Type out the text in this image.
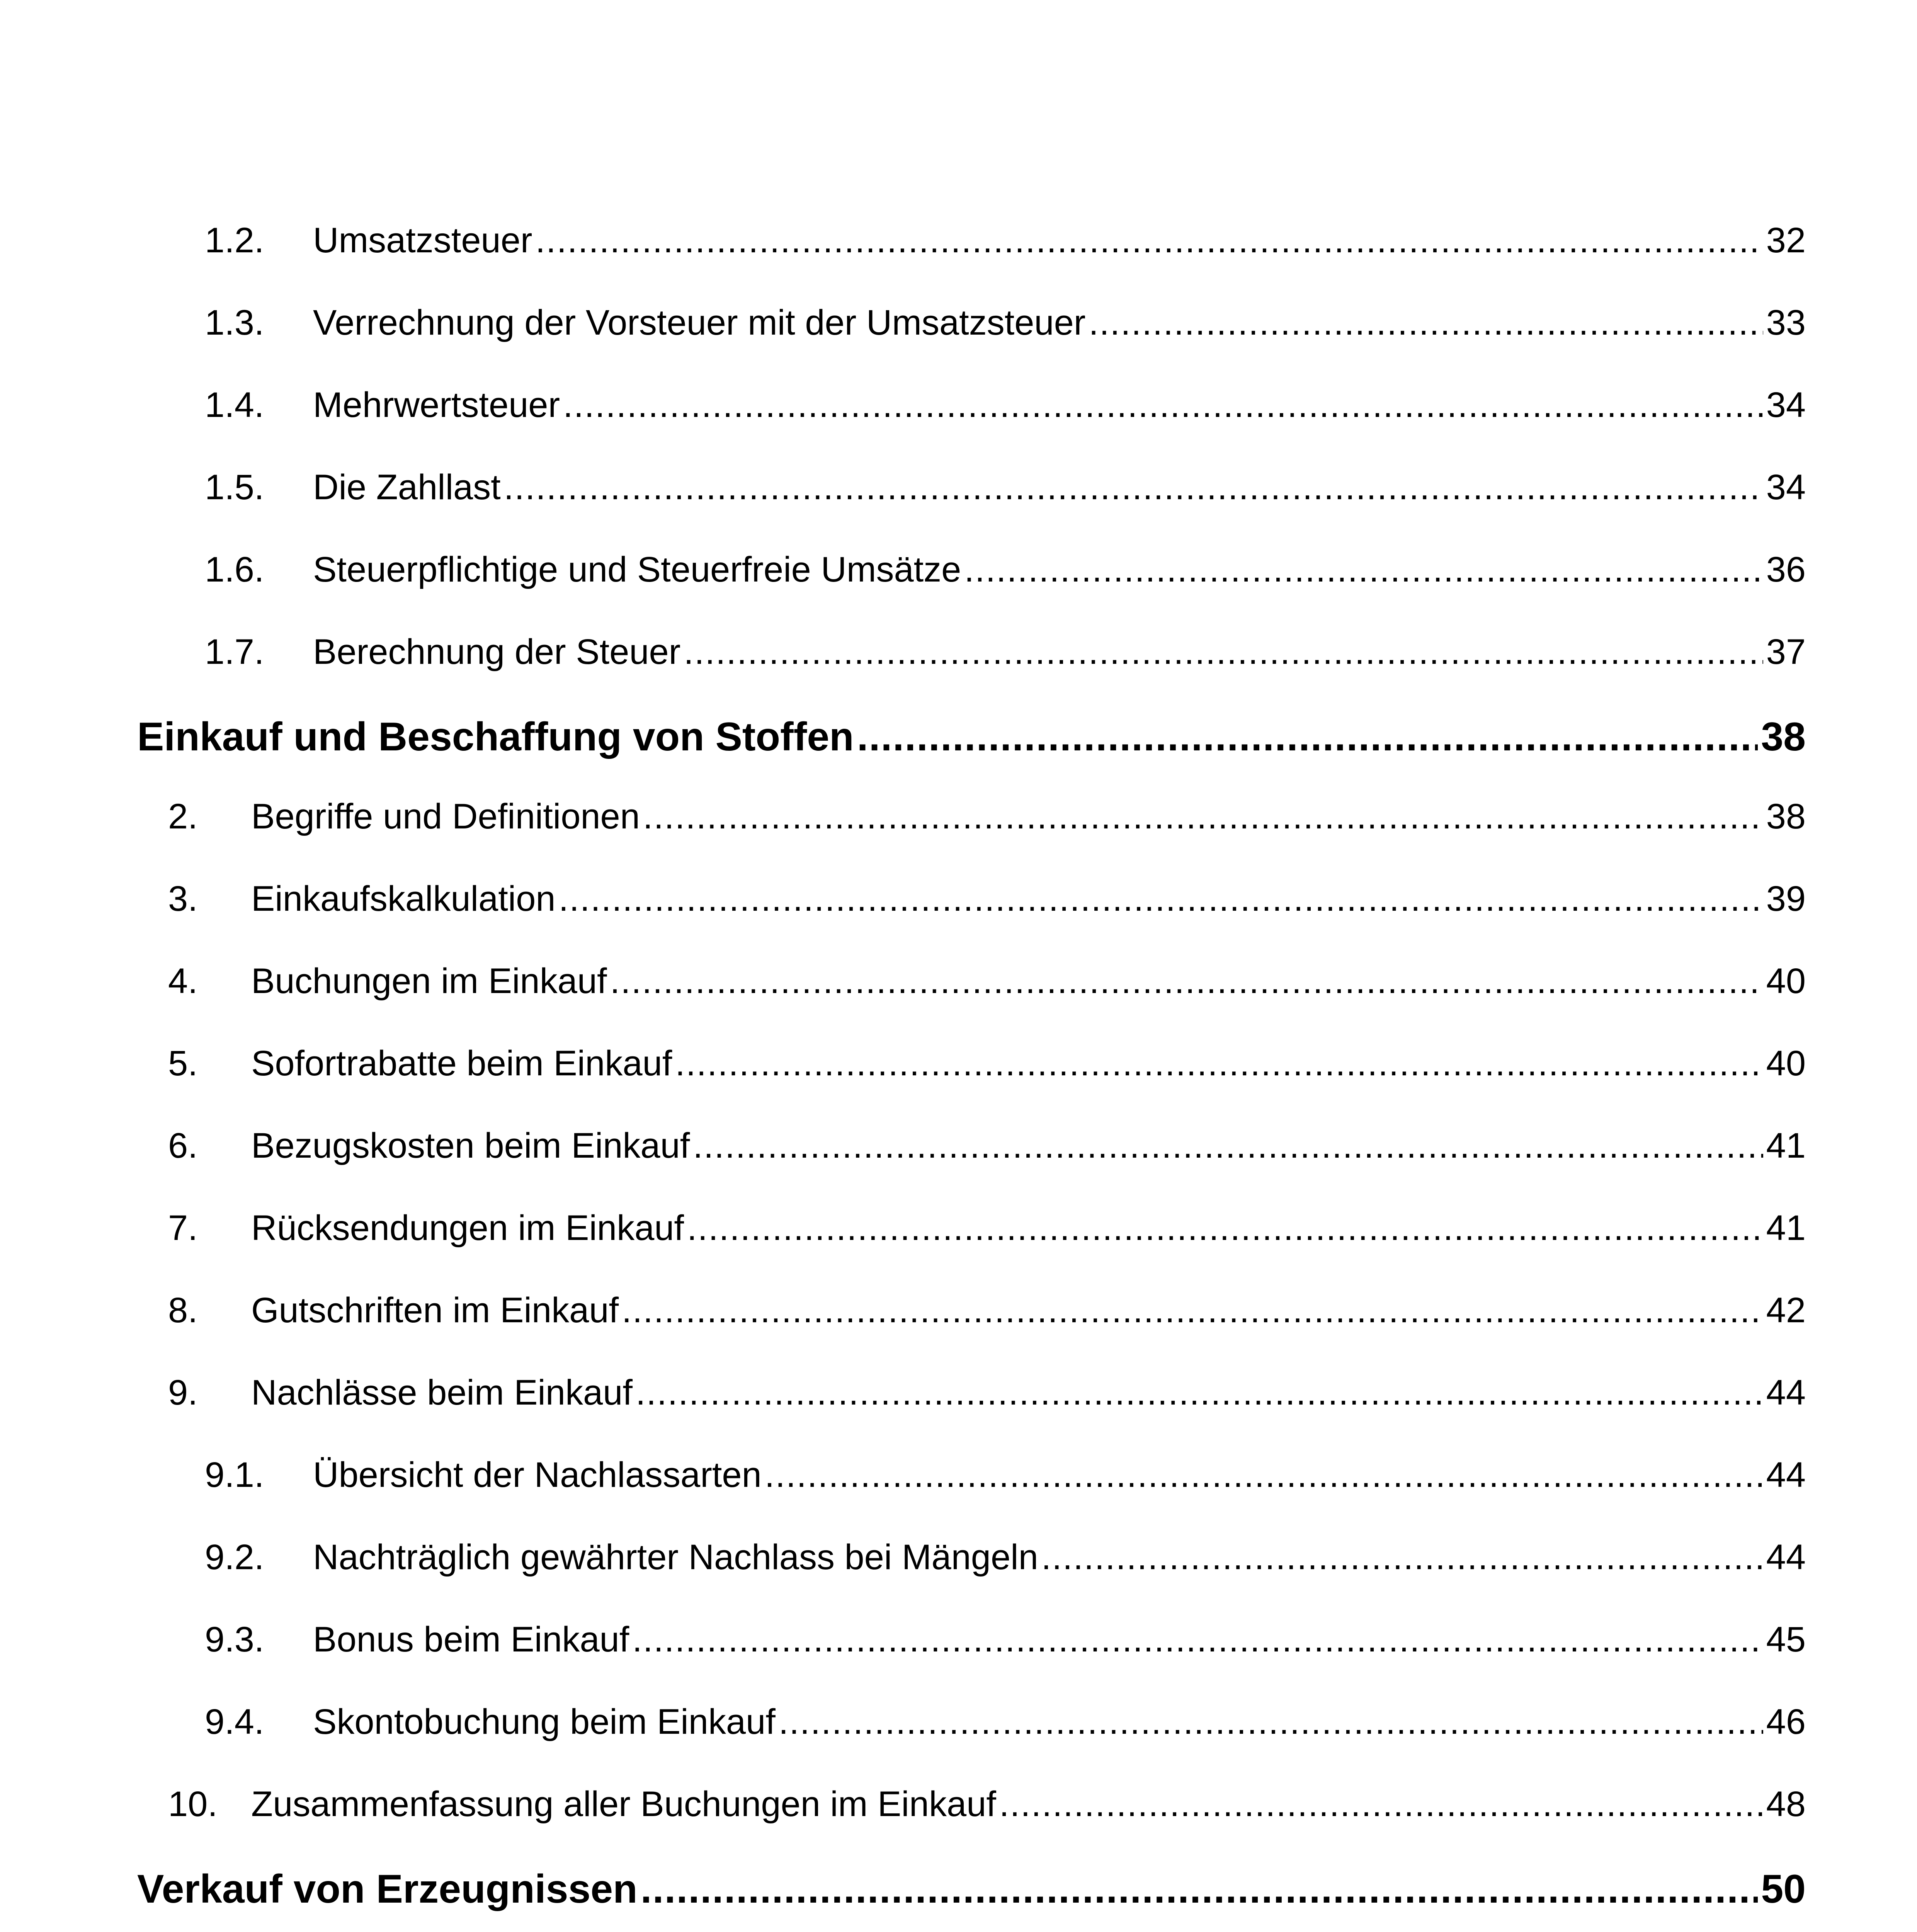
1.2.	Umsatzsteuer .....	32
1.3.	Verrechnung der Vorsteuer mit der Umsatzsteuer .....	33
1.4.	Mehrwertsteuer .....	34
1.5.	Die Zahllast .....	34
1.6.	Steuerpflichtige und Steuerfreie Umsätze .....	36
1.7.	Berechnung der Steuer .....	37
Einkauf und Beschaffung von Stoffen .....	38
2.	Begriffe und Definitionen .....	38
3.	Einkaufskalkulation .....	39
4.	Buchungen im Einkauf .....	40
5.	Sofortrabatte beim Einkauf .....	40
6.	Bezugskosten beim Einkauf .....	41
7.	Rücksendungen im Einkauf .....	41
8.	Gutschriften im Einkauf .....	42
9.	Nachlässe beim Einkauf .....	44
9.1.	Übersicht der Nachlassarten .....	44
9.2.	Nachträglich gewährter Nachlass bei Mängeln .....	44
9.3.	Bonus beim Einkauf .....	45
9.4.	Skontobuchung beim Einkauf .....	46
10. Zusammenfassung aller Buchungen im Einkauf .....	48
Verkauf von Erzeugnissen .....	50
